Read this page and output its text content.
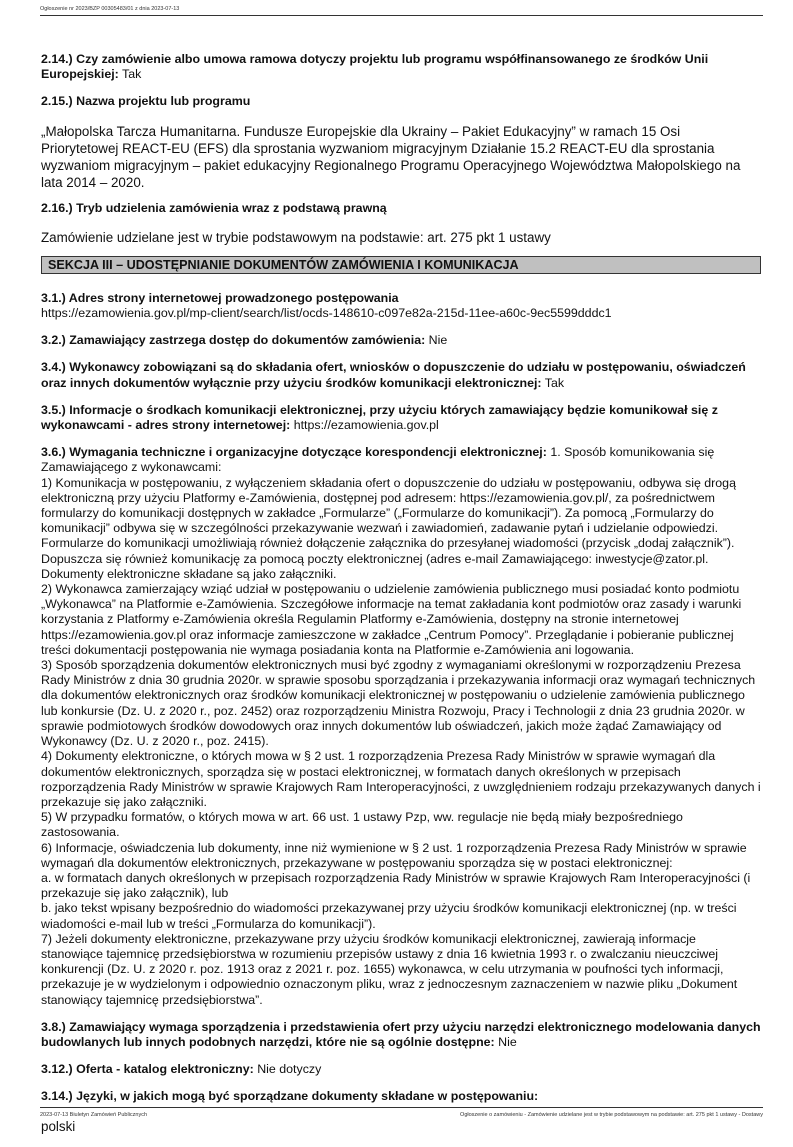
Ogłoszenie nr 2023/BZP 00305483/01 z dnia 2023-07-13
2.14.) Czy zamówienie albo umowa ramowa dotyczy projektu lub programu współfinansowanego ze środków Unii Europejskiej: Tak
2.15.) Nazwa projektu lub programu
„Małopolska Tarcza Humanitarna. Fundusze Europejskie dla Ukrainy – Pakiet Edukacyjny” w ramach 15 Osi Priorytetowej REACT-EU (EFS) dla sprostania wyzwaniom migracyjnym Działanie 15.2 REACT-EU dla sprostania wyzwaniom migracyjnym – pakiet edukacyjny Regionalnego Programu Operacyjnego Województwa Małopolskiego na lata 2014 – 2020.
2.16.) Tryb udzielenia zamówienia wraz z podstawą prawną
Zamówienie udzielane jest w trybie podstawowym na podstawie: art. 275 pkt 1 ustawy
SEKCJA III – UDOSTĘPNIANIE DOKUMENTÓW ZAMÓWIENIA I KOMUNIKACJA
3.1.) Adres strony internetowej prowadzonego postępowania
https://ezamowienia.gov.pl/mp-client/search/list/ocds-148610-c097e82a-215d-11ee-a60c-9ec5599dddc1
3.2.) Zamawiający zastrzega dostęp do dokumentów zamówienia: Nie
3.4.) Wykonawcy zobowiązani są do składania ofert, wniosków o dopuszczenie do udziału w postępowaniu, oświadczeń oraz innych dokumentów wyłącznie przy użyciu środków komunikacji elektronicznej: Tak
3.5.) Informacje o środkach komunikacji elektronicznej, przy użyciu których zamawiający będzie komunikował się z wykonawcami - adres strony internetowej: https://ezamowienia.gov.pl
3.6.) Wymagania techniczne i organizacyjne dotyczące korespondencji elektronicznej: 1. Sposób komunikowania się Zamawiającego z wykonawcami:
1) Komunikacja w postępowaniu, z wyłączeniem składania ofert o dopuszczenie do udziału w postępowaniu, odbywa się drogą elektroniczną przy użyciu Platformy e-Zamówienia, dostępnej pod adresem: https://ezamowienia.gov.pl/, za pośrednictwem formularzy do komunikacji dostępnych w zakładce „Formularze” („Formularze do komunikacji”). Za pomocą „Formularzy do komunikacji” odbywa się w szczególności przekazywanie wezwań i zawiadomień, zadawanie pytań i udzielanie odpowiedzi. Formularze do komunikacji umożliwiają również dołączenie załącznika do przesyłanej wiadomości (przycisk „dodaj załącznik”). Dopuszcza się również komunikację za pomocą poczty elektronicznej (adres e-mail Zamawiającego: inwestycje@zator.pl. Dokumenty elektroniczne składane są jako załączniki.
2) Wykonawca zamierzający wziąć udział w postępowaniu o udzielenie zamówienia publicznego musi posiadać konto podmiotu „Wykonawca” na Platformie e-Zamówienia. Szczegółowe informacje na temat zakładania kont podmiotów oraz zasady i warunki korzystania z Platformy e-Zamówienia określa Regulamin Platformy e-Zamówienia, dostępny na stronie internetowej https://ezamowienia.gov.pl oraz informacje zamieszczone w zakładce „Centrum Pomocy”. Przeglądanie i pobieranie publicznej treści dokumentacji postępowania nie wymaga posiadania konta na Platformie e-Zamówienia ani logowania.
3) Sposób sporządzenia dokumentów elektronicznych musi być zgodny z wymaganiami określonymi w rozporządzeniu Prezesa Rady Ministrów z dnia 30 grudnia 2020r. w sprawie sposobu sporządzania i przekazywania informacji oraz wymagań technicznych dla dokumentów elektronicznych oraz środków komunikacji elektronicznej w postępowaniu o udzielenie zamówienia publicznego lub konkursie (Dz. U. z 2020 r., poz. 2452) oraz rozporządzeniu Ministra Rozwoju, Pracy i Technologii z dnia 23 grudnia 2020r. w sprawie podmiotowych środków dowodowych oraz innych dokumentów lub oświadczeń, jakich może żądać Zamawiający od Wykonawcy (Dz. U. z 2020 r., poz. 2415).
4) Dokumenty elektroniczne, o których mowa w § 2 ust. 1 rozporządzenia Prezesa Rady Ministrów w sprawie wymagań dla dokumentów elektronicznych, sporządza się w postaci elektronicznej, w formatach danych określonych w przepisach rozporządzenia Rady Ministrów w sprawie Krajowych Ram Interoperacyjności, z uwzględnieniem rodzaju przekazywanych danych i przekazuje się jako załączniki.
5) W przypadku formatów, o których mowa w art. 66 ust. 1 ustawy Pzp, ww. regulacje nie będą miały bezpośredniego zastosowania.
6) Informacje, oświadczenia lub dokumenty, inne niż wymienione w § 2 ust. 1 rozporządzenia Prezesa Rady Ministrów w sprawie wymagań dla dokumentów elektronicznych, przekazywane w postępowaniu sporządza się w postaci elektronicznej:
a. w formatach danych określonych w przepisach rozporządzenia Rady Ministrów w sprawie Krajowych Ram Interoperacyjności (i przekazuje się jako załącznik), lub
b. jako tekst wpisany bezpośrednio do wiadomości przekazywanej przy użyciu środków komunikacji elektronicznej (np. w treści wiadomości e-mail lub w treści „Formularza do komunikacji”).
7) Jeżeli dokumenty elektroniczne, przekazywane przy użyciu środków komunikacji elektronicznej, zawierają informacje stanowiące tajemnicę przedsiębiorstwa w rozumieniu przepisów ustawy z dnia 16 kwietnia 1993 r. o zwalczaniu nieuczciwej konkurencji (Dz. U. z 2020 r. poz. 1913 oraz z 2021 r. poz. 1655) wykonawca, w celu utrzymania w poufności tych informacji, przekazuje je w wydzielonym i odpowiednio oznaczonym pliku, wraz z jednoczesnym zaznaczeniem w nazwie pliku „Dokument stanowiący tajemnicę przedsiębiorstwa”.
3.8.) Zamawiający wymaga sporządzenia i przedstawienia ofert przy użyciu narzędzi elektronicznego modelowania danych budowlanych lub innych podobnych narzędzi, które nie są ogólnie dostępne: Nie
3.12.) Oferta - katalog elektroniczny: Nie dotyczy
3.14.) Języki, w jakich mogą być sporządzane dokumenty składane w postępowaniu:
polski
2023-07-13 Biuletyn Zamówień Publicznych	Ogłoszenie o zamówieniu - Zamówienie udzielane jest w trybie podstawowym na podstawie: art. 275 pkt 1 ustawy - Dostawy
